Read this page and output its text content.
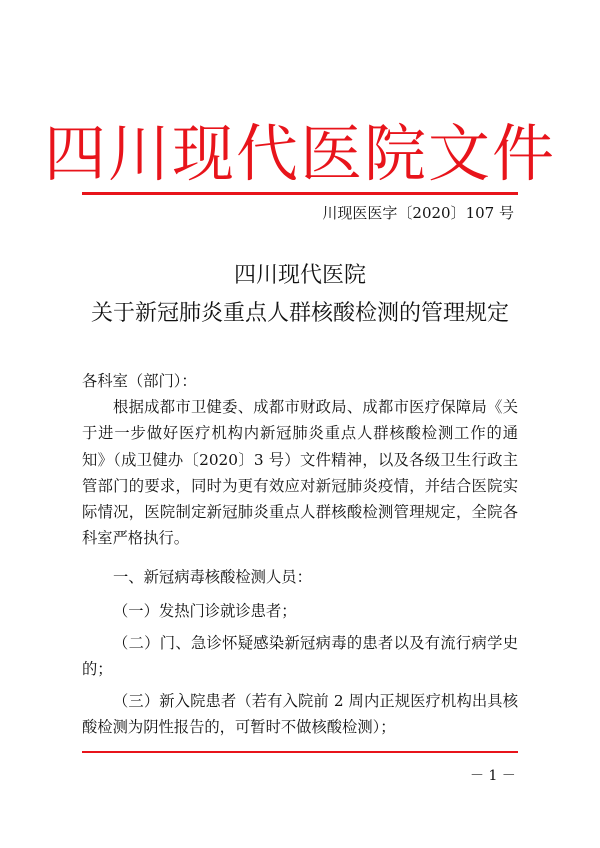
四川现代医院文件
川现医医字〔2020〕107 号
四川现代医院
关于新冠肺炎重点人群核酸检测的管理规定
各科室（部门）：
根据成都市卫健委、成都市财政局、成都市医疗保障局《关
于进一步做好医疗机构内新冠肺炎重点人群核酸检测工作的通
知》（成卫健办〔2020〕3 号）文件精神，以及各级卫生行政主
管部门的要求，同时为更有效应对新冠肺炎疫情，并结合医院实
际情况，医院制定新冠肺炎重点人群核酸检测管理规定，全院各
科室严格执行。
一、新冠病毒核酸检测人员：
（一）发热门诊就诊患者；
（二）门、急诊怀疑感染新冠病毒的患者以及有流行病学史
的；
（三）新入院患者（若有入院前 2 周内正规医疗机构出具核
酸检测为阴性报告的，可暂时不做核酸检测）；
－ 1 －
